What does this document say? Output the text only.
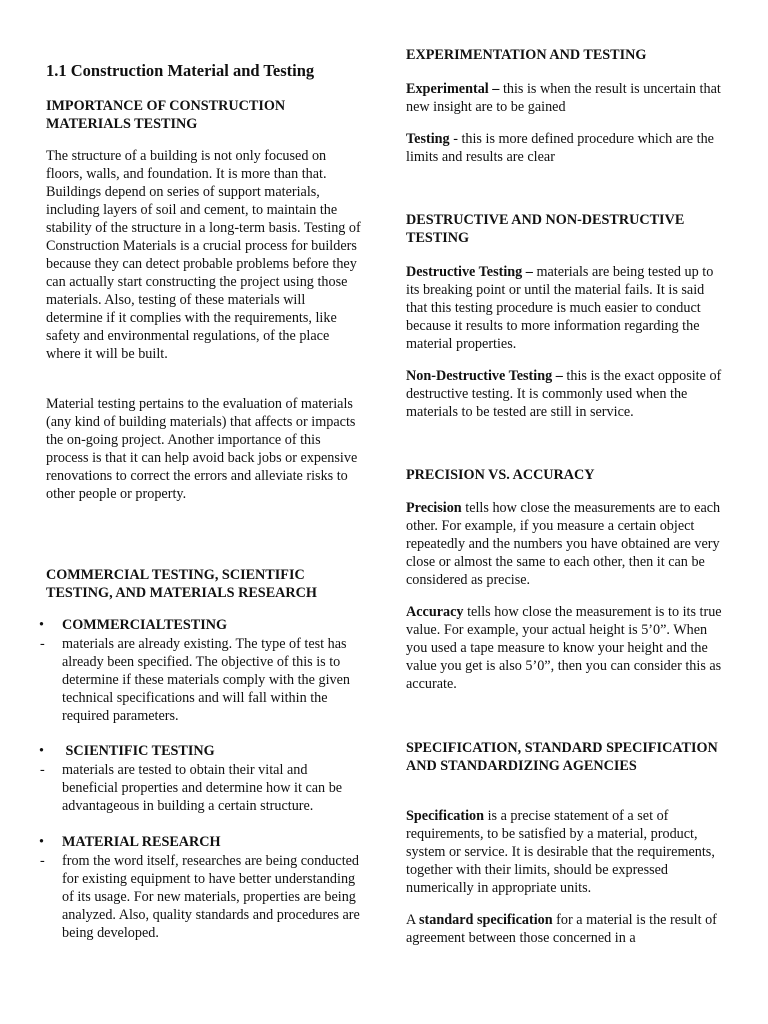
1.1 Construction Material and Testing
IMPORTANCE OF CONSTRUCTION MATERIALS TESTING

The structure of a building is not only focused on floors, walls, and foundation. It is more than that. Buildings depend on series of support materials, including layers of soil and cement, to maintain the stability of the structure in a long-term basis. Testing of Construction Materials is a crucial process for builders because they can detect probable problems before they can actually start constructing the project using those materials. Also, testing of these materials will determine if it complies with the requirements, like safety and environmental regulations, of the place where it will be built.

Material testing pertains to the evaluation of materials (any kind of building materials) that affects or impacts the on-going project. Another importance of this process is that it can help avoid back jobs or expensive renovations to correct the errors and alleviate risks to other people or property.

COMMERCIAL TESTING, SCIENTIFIC TESTING, AND MATERIALS RESEARCH
•	COMMERCIALTESTING
- materials are already existing. The type of test has already been specified. The objective of this is to determine if these materials comply with the given technical specifications and will fall within the required parameters.
•	SCIENTIFIC TESTING
- materials are tested to obtain their vital and beneficial properties and determine how it can be advantageous in building a certain structure.
•	MATERIAL RESEARCH
- from the word itself, researches are being conducted for existing equipment to have better understanding of its usage. For new materials, properties are being analyzed. Also, quality standards and procedures are being developed.
EXPERIMENTATION AND TESTING

Experimental – this is when the result is uncertain that new insight are to be gained

Testing - this is more defined procedure which are the limits and results are clear

DESTRUCTIVE AND NON-DESTRUCTIVE TESTING

Destructive Testing – materials are being tested up to its breaking point or until the material fails. It is said that this testing procedure is much easier to conduct because it results to more information regarding the material properties.

Non-Destructive Testing – this is the exact opposite of destructive testing. It is commonly used when the materials to be tested are still in service.

PRECISION VS. ACCURACY

Precision tells how close the measurements are to each other. For example, if you measure a certain object repeatedly and the numbers you have obtained are very close or almost the same to each other, then it can be considered as precise.

Accuracy tells how close the measurement is to its true value. For example, your actual height is 5’0”. When you used a tape measure to know your height and the value you get is also 5’0”, then you can consider this as accurate.

SPECIFICATION, STANDARD SPECIFICATION AND STANDARDIZING AGENCIES

Specification is a precise statement of a set of requirements, to be satisfied by a material, product, system or service. It is desirable that the requirements, together with their limits, should be expressed numerically in appropriate units.

A standard specification for a material is the result of agreement between those concerned in a
